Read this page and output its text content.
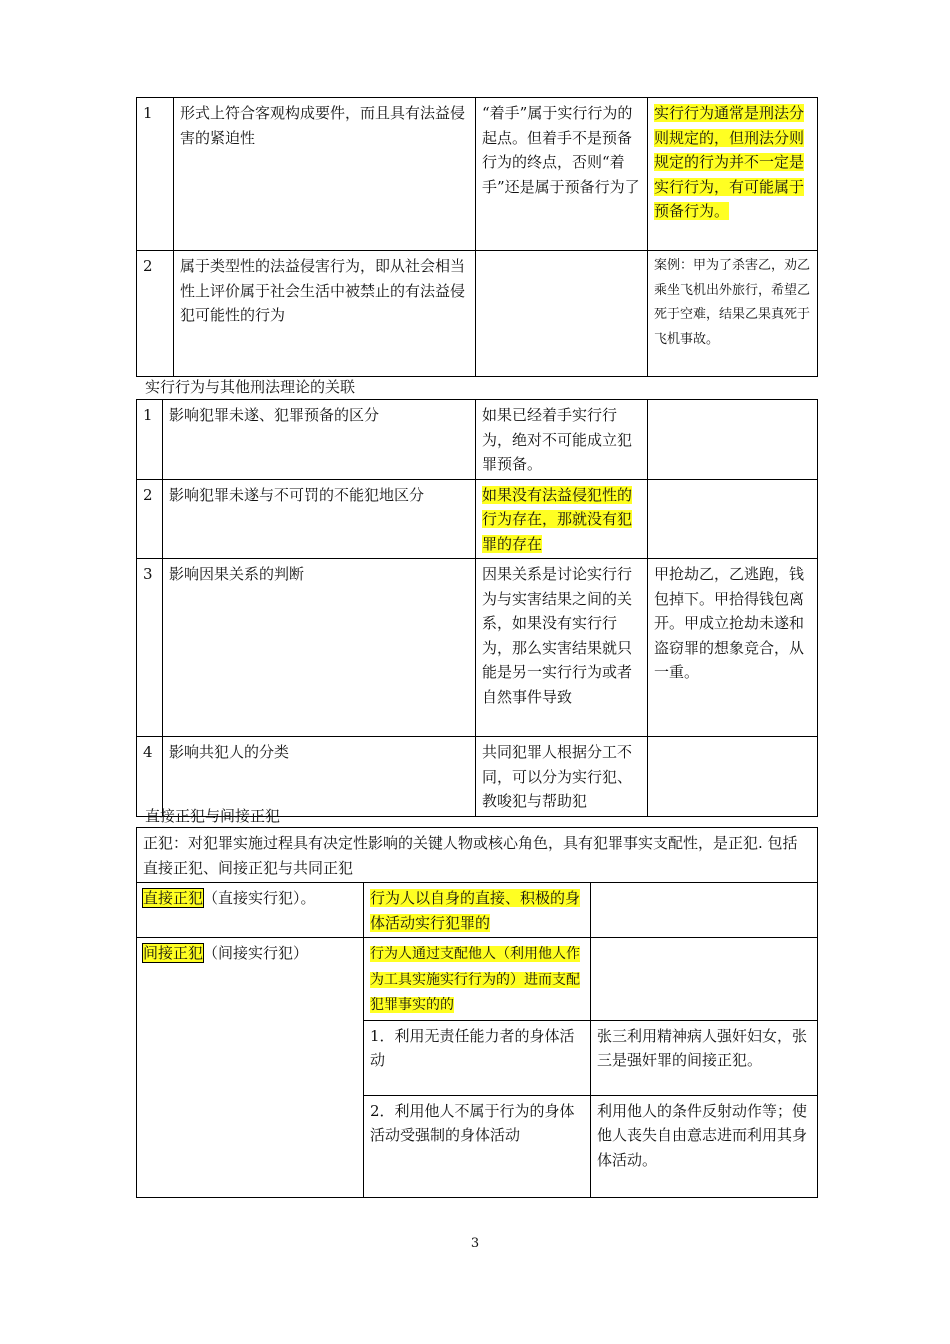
1	形式上符合客观构成要件，而且具有法益侵害的紧迫性	“着手”属于实行行为的起点。但着手不是预备行为的终点，否则“着手”还是属于预备行为了	实行行为通常是刑法分则规定的，但刑法分则规定的行为并不一定是实行行为，有可能属于预备行为。
2	属于类型性的法益侵害行为，即从社会相当性上评价属于社会生活中被禁止的有法益侵犯可能性的行为		案例：甲为了杀害乙，劝乙乘坐飞机出外旅行，希望乙死于空难，结果乙果真死于飞机事故。
实行行为与其他刑法理论的关联
1	影响犯罪未遂、犯罪预备的区分	如果已经着手实行行为，绝对不可能成立犯罪预备。	
2	影响犯罪未遂与不可罚的不能犯地区分	如果没有法益侵犯性的行为存在，那就没有犯罪的存在	
3	影响因果关系的判断	因果关系是讨论实行行为与实害结果之间的关系，如果没有实行行为，那么实害结果就只能是另一实行行为或者自然事件导致	甲抢劫乙，乙逃跑，钱包掉下。甲拾得钱包离开。甲成立抢劫未遂和盗窃罪的想象竞合，从一重。
4	影响共犯人的分类	共同犯罪人根据分工不同，可以分为实行犯、教唆犯与帮助犯	
直接正犯与间接正犯
正犯：对犯罪实施过程具有决定性影响的关键人物或核心角色，具有犯罪事实支配性，是正犯. 包括直接正犯、间接正犯与共同正犯		
直接正犯（直接实行犯）。	行为人以自身的直接、积极的身体活动实行犯罪的	
间接正犯（间接实行犯）	行为人通过支配他人（利用他人作为工具实施实行行为的）进而支配犯罪事实的的	
	1．利用无责任能力者的身体活动	张三利用精神病人强奸妇女，张三是强奸罪的间接正犯。
	2．利用他人不属于行为的身体活动受强制的身体活动	利用他人的条件反射动作等；使他人丧失自由意志进而利用其身体活动。
3
